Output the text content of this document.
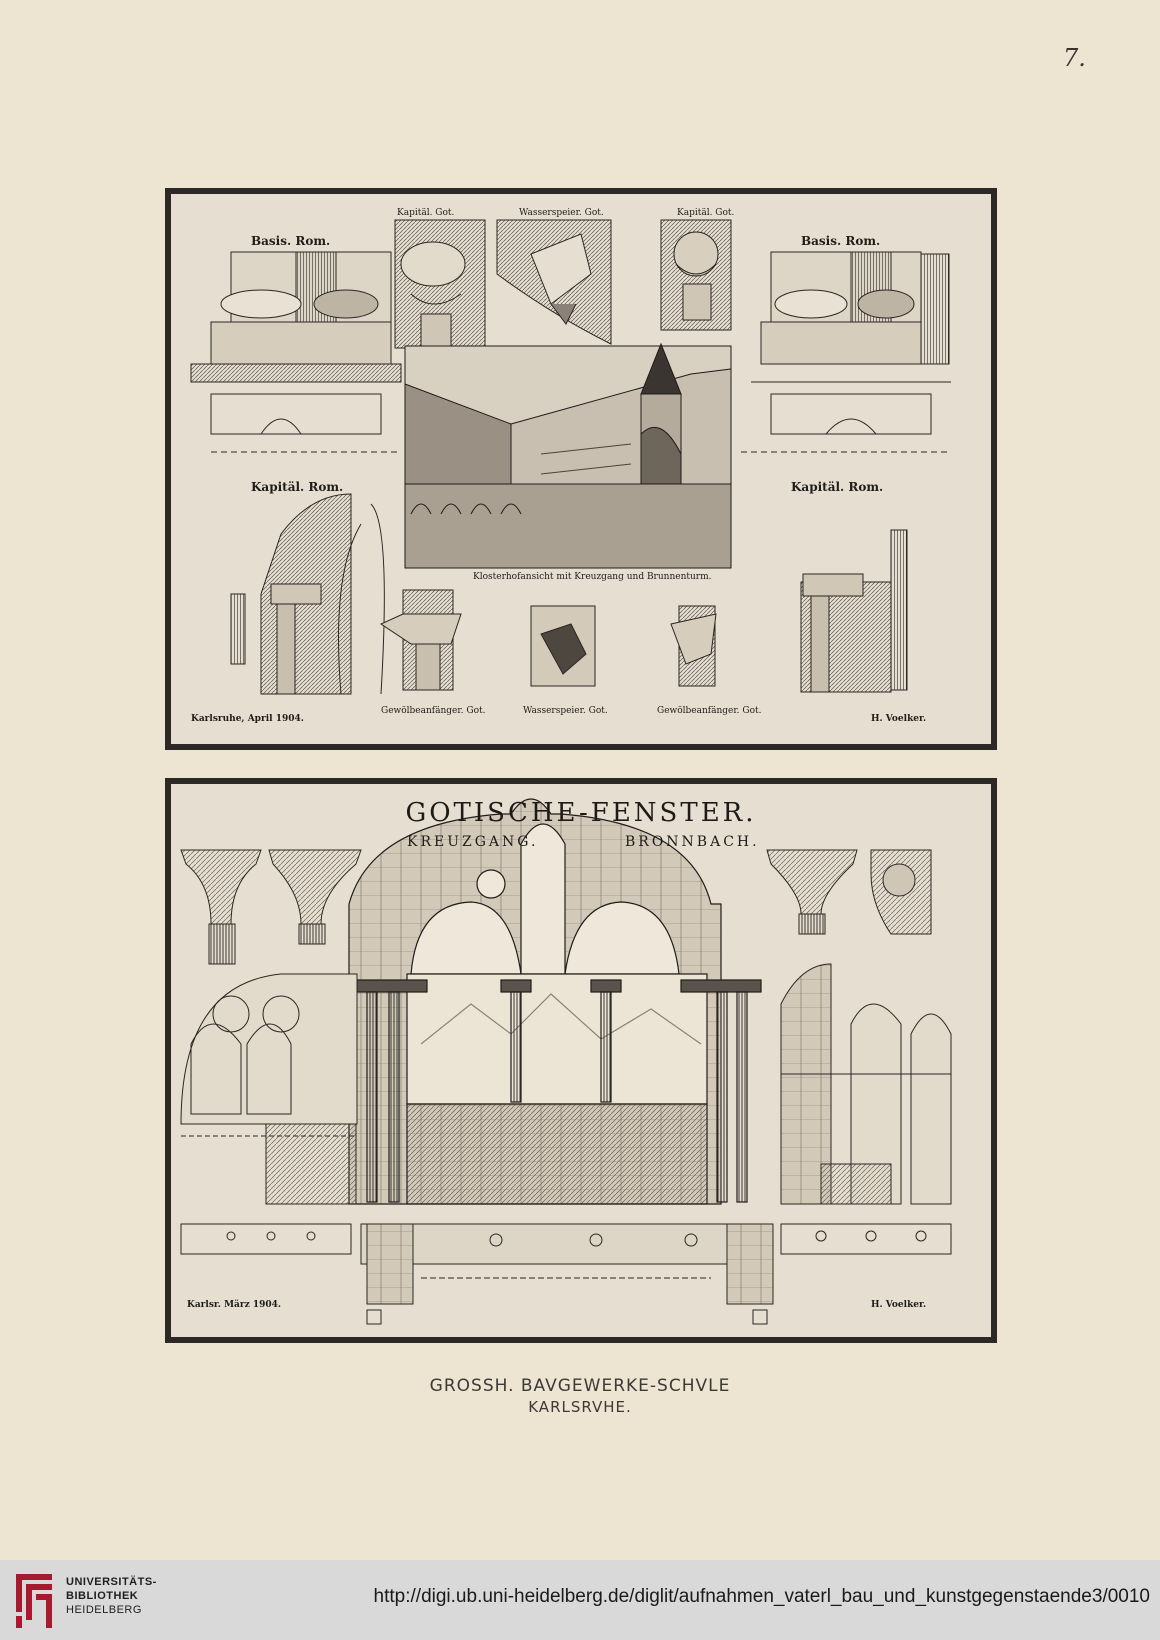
7.
Basis. Rom.
Kapitäl. Got.	Wasserspeier. Got.	Kapitäl. Got.
Basis. Rom.
Kapitäl. Rom.	Kapitäl. Rom.
Klosterhofansicht mit Kreuzgang und Brunnenturm.
Gewölbeanfänger. Got.	Wasserspeier. Got.	Gewölbeanfänger. Got.
Karlsruhe, April 1904.	H. Voelker.
GOTISCHE-FENSTER.
KREUZGANG.	BRONNBACH.
Karlsr. März 1904.	H. Voelker.
GROSSH. BAVGEWERKE-SCHVLE
KARLSRVHE.
UNIVERSITÄTS-
BIBLIOTHEK
HEIDELBERG
http://digi.ub.uni-heidelberg.de/diglit/aufnahmen_vaterl_bau_und_kunstgegenstaende3/0010
